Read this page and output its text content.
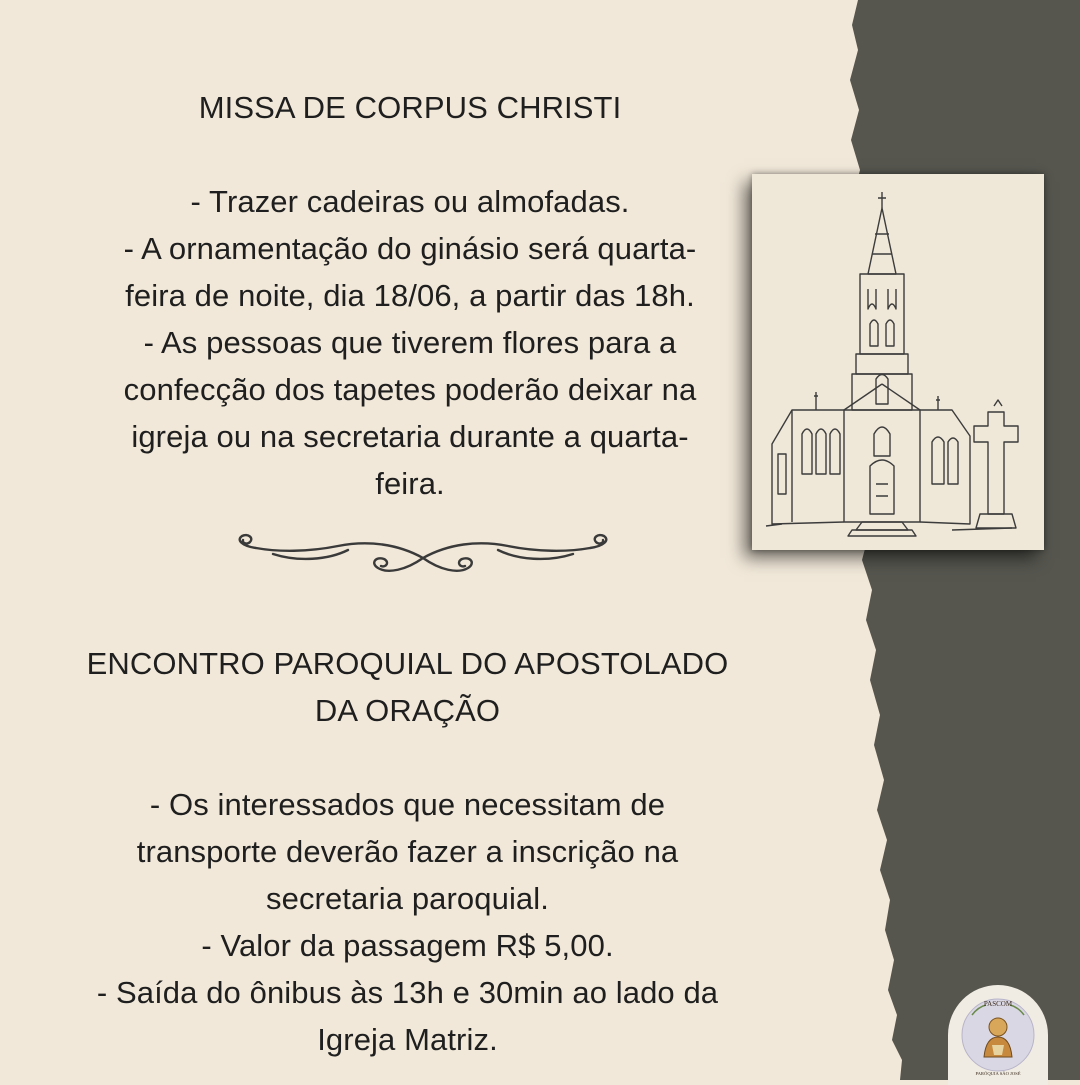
MISSA DE CORPUS CHRISTI
- Trazer cadeiras ou almofadas.
- A ornamentação do ginásio será quarta-
feira de noite, dia 18/06, a partir das 18h.
- As pessoas que tiverem flores para a
confecção dos tapetes poderão deixar na
igreja ou na secretaria durante a quarta-
feira.
ENCONTRO PAROQUIAL DO APOSTOLADO
DA ORAÇÃO
- Os interessados que necessitam de
transporte deverão fazer a inscrição na
secretaria paroquial.
- Valor da passagem R$ 5,00.
- Saída do ônibus às 13h e 30min ao lado da
Igreja Matriz.
PASCOM
PARÓQUIA SÃO JOSÉ
